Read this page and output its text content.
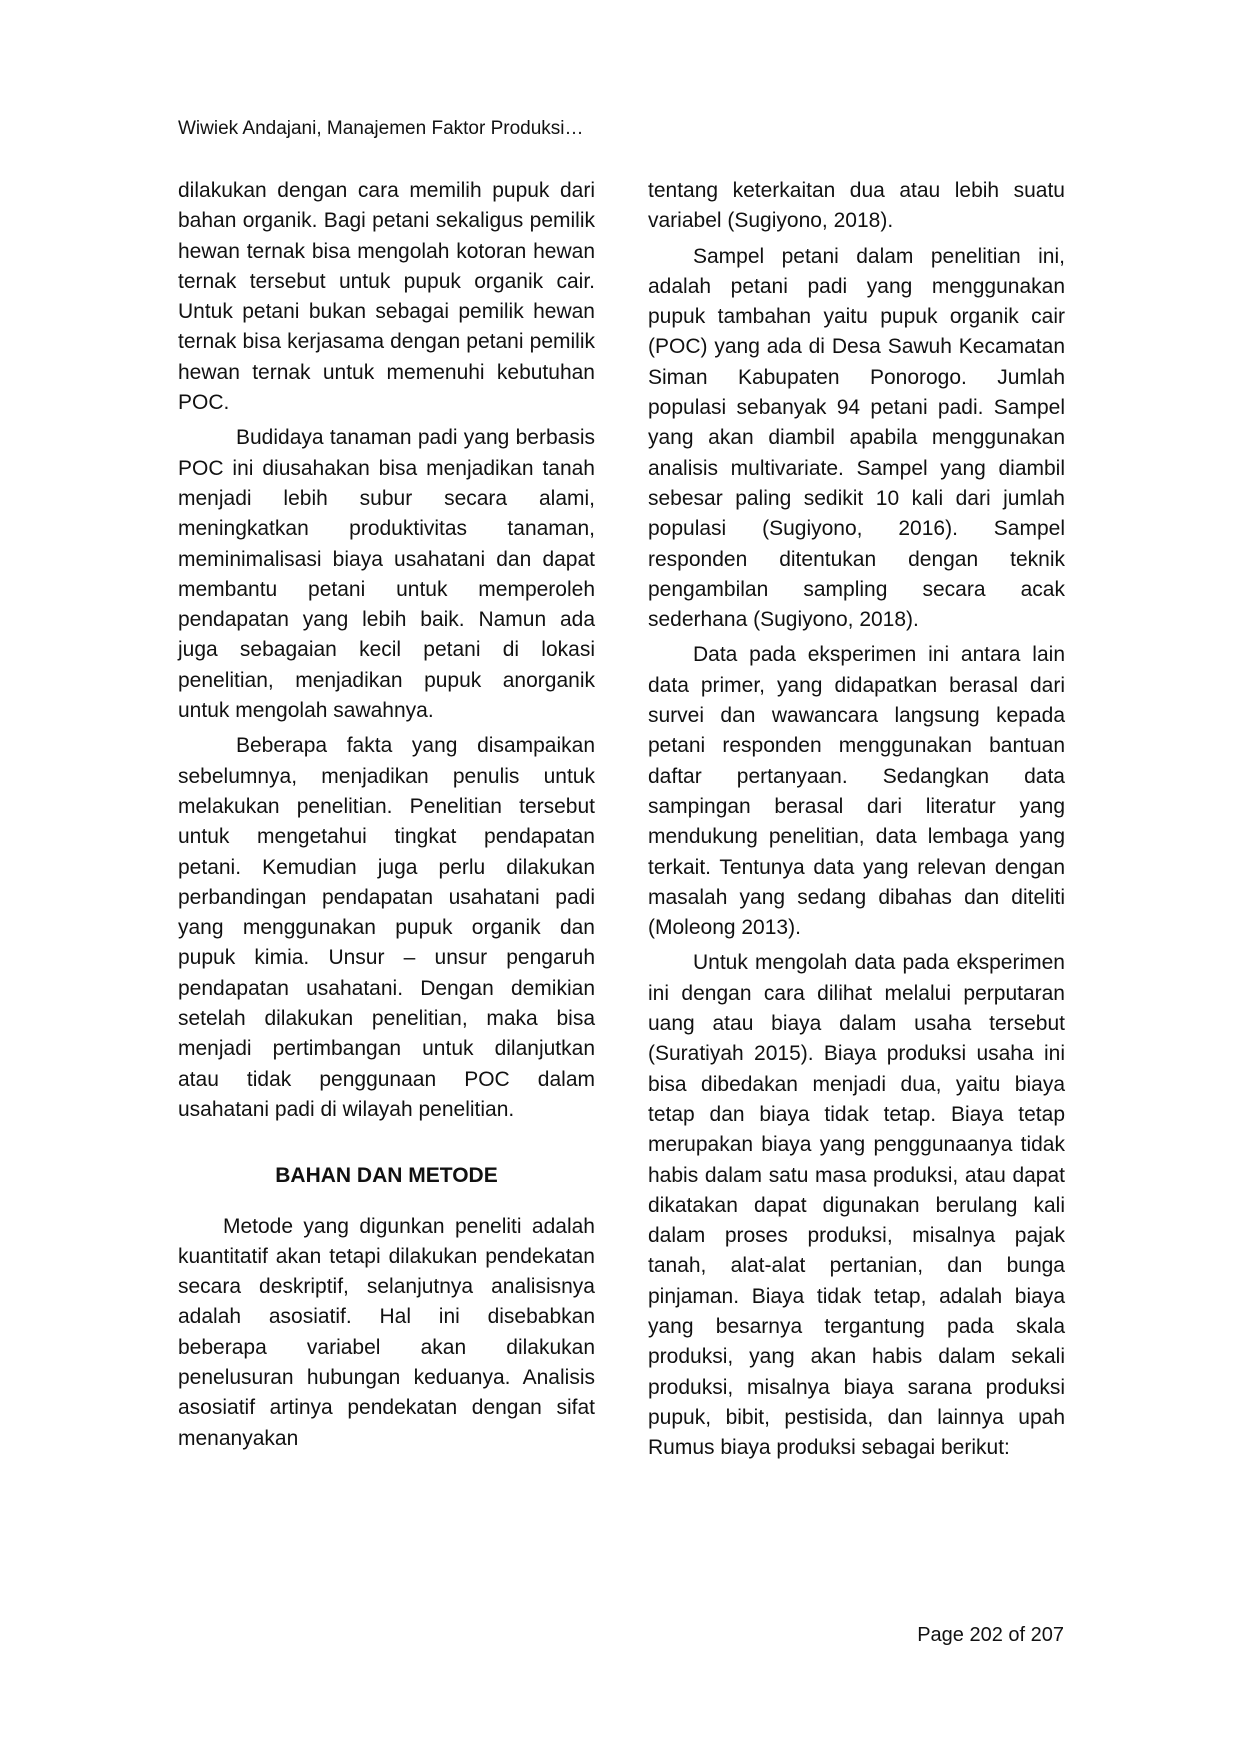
Wiwiek Andajani, Manajemen Faktor Produksi…

dilakukan dengan cara memilih pupuk dari bahan organik. Bagi petani sekaligus pemilik hewan ternak bisa mengolah kotoran hewan ternak tersebut untuk pupuk organik cair. Untuk petani bukan sebagai pemilik hewan ternak bisa kerjasama dengan petani pemilik hewan ternak untuk memenuhi kebutuhan POC.

Budidaya tanaman padi yang berbasis POC ini diusahakan bisa menjadikan tanah menjadi lebih subur secara alami, meningkatkan produktivitas tanaman, meminimalisasi biaya usahatani dan dapat membantu petani untuk memperoleh pendapatan yang lebih baik. Namun ada juga sebagaian kecil petani di lokasi penelitian, menjadikan pupuk anorganik untuk mengolah sawahnya.

Beberapa fakta yang disampaikan sebelumnya, menjadikan penulis untuk melakukan penelitian. Penelitian tersebut untuk mengetahui tingkat pendapatan petani. Kemudian juga perlu dilakukan perbandingan pendapatan usahatani padi yang menggunakan pupuk organik dan pupuk kimia. Unsur – unsur pengaruh pendapatan usahatani. Dengan demikian setelah dilakukan penelitian, maka bisa menjadi pertimbangan untuk dilanjutkan atau tidak penggunaan POC dalam usahatani padi di wilayah penelitian.

BAHAN DAN METODE

Metode yang digunkan peneliti adalah kuantitatif akan tetapi dilakukan pendekatan secara deskriptif, selanjutnya analisisnya adalah asosiatif. Hal ini disebabkan beberapa variabel akan dilakukan penelusuran hubungan keduanya. Analisis asosiatif artinya pendekatan dengan sifat menanyakan

tentang keterkaitan dua atau lebih suatu variabel (Sugiyono, 2018).

Sampel petani dalam penelitian ini, adalah petani padi yang menggunakan pupuk tambahan yaitu pupuk organik cair (POC) yang ada di Desa Sawuh Kecamatan Siman Kabupaten Ponorogo. Jumlah populasi sebanyak 94 petani padi. Sampel yang akan diambil apabila menggunakan analisis multivariate. Sampel yang diambil sebesar paling sedikit 10 kali dari jumlah populasi (Sugiyono, 2016). Sampel responden ditentukan dengan teknik pengambilan sampling secara acak sederhana (Sugiyono, 2018).

Data pada eksperimen ini antara lain data primer, yang didapatkan berasal dari survei dan wawancara langsung kepada petani responden menggunakan bantuan daftar pertanyaan. Sedangkan data sampingan berasal dari literatur yang mendukung penelitian, data lembaga yang terkait. Tentunya data yang relevan dengan masalah yang sedang dibahas dan diteliti (Moleong 2013).

Untuk mengolah data pada eksperimen ini dengan cara dilihat melalui perputaran uang atau biaya dalam usaha tersebut (Suratiyah 2015). Biaya produksi usaha ini bisa dibedakan menjadi dua, yaitu biaya tetap dan biaya tidak tetap. Biaya tetap merupakan biaya yang penggunaanya tidak habis dalam satu masa produksi, atau dapat dikatakan dapat digunakan berulang kali dalam proses produksi, misalnya pajak tanah, alat-alat pertanian, dan bunga pinjaman. Biaya tidak tetap, adalah biaya yang besarnya tergantung pada skala produksi, yang akan habis dalam sekali produksi, misalnya biaya sarana produksi pupuk, bibit, pestisida, dan lainnya upah Rumus biaya produksi sebagai berikut:

Page 202 of 207
